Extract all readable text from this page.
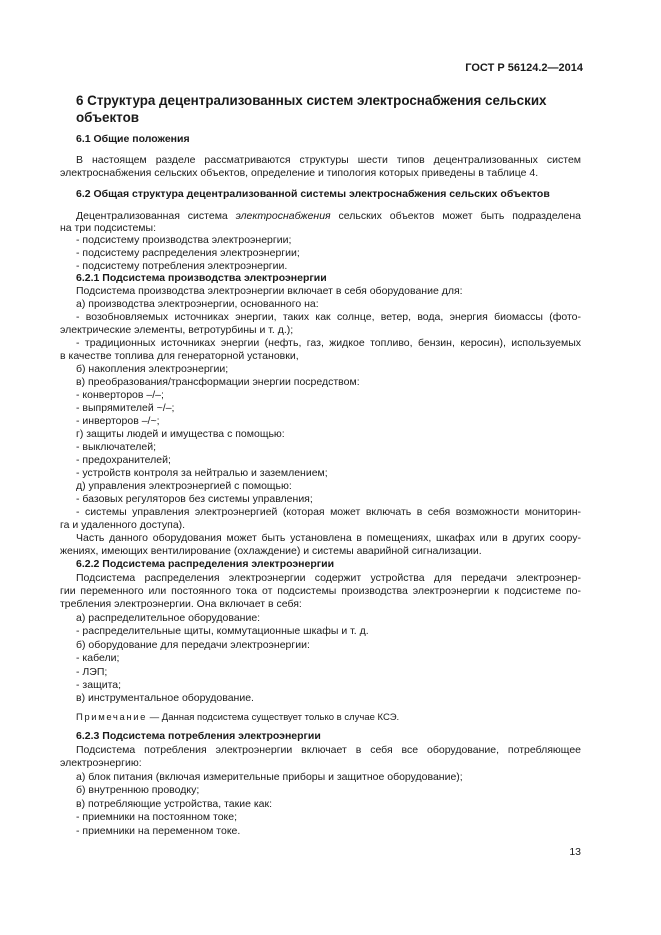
ГОСТ Р 56124.2—2014
6 Структура децентрализованных систем электроснабжения сельских объектов
6.1 Общие положения
В настоящем разделе рассматриваются структуры шести типов децентрализованных систем
электроснабжения сельских объектов, определение и типология которых приведены в таблице 4.
6.2 Общая структура децентрализованной системы электроснабжения сельских объектов
Децентрализованная система электроснабжения сельских объектов может быть подразделена
на три подсистемы:
- подсистему производства электроэнергии;
- подсистему распределения электроэнергии;
- подсистему потребления электроэнергии.
6.2.1 Подсистема производства электроэнергии
Подсистема производства электроэнергии включает в себя оборудование для:
а) производства электроэнергии, основанного на:
- возобновляемых источниках энергии, таких как солнце, ветер, вода, энергия биомассы (фото-
электрические элементы, ветротурбины и т. д.);
- традиционных источниках энергии (нефть, газ, жидкое топливо, бензин, керосин), используемых
в качестве топлива для генераторной установки,
б) накопления электроэнергии;
в) преобразования/трансформации энергии посредством:
- конверторов –/–;
- выпрямителей ~/–;
- инверторов –/~;
г) защиты людей и имущества с помощью:
- выключателей;
- предохранителей;
- устройств контроля за нейтралью и заземлением;
д) управления электроэнергией с помощью:
- базовых регуляторов без системы управления;
- системы управления электроэнергией (которая может включать в себя возможности мониторин-
га и удаленного доступа).
Часть данного оборудования может быть установлена в помещениях, шкафах или в других соору-
жениях, имеющих вентилирование (охлаждение) и системы аварийной сигнализации.
6.2.2 Подсистема распределения электроэнергии
Подсистема распределения электроэнергии содержит устройства для передачи электроэнер-
гии переменного или постоянного тока от подсистемы производства электроэнергии к подсистеме по-
требления электроэнергии. Она включает в себя:
а) распределительное оборудование:
- распределительные щиты, коммутационные шкафы и т. д.
б) оборудование для передачи электроэнергии:
- кабели;
- ЛЭП;
- защита;
в) инструментальное оборудование.
Примечание — Данная подсистема существует только в случае КСЭ.
6.2.3 Подсистема потребления электроэнергии
Подсистема потребления электроэнергии включает в себя все оборудование, потребляющее
электроэнергию:
а) блок питания (включая измерительные приборы и защитное оборудование);
б) внутреннюю проводку;
в) потребляющие устройства, такие как:
- приемники на постоянном токе;
- приемники на переменном токе.
13
